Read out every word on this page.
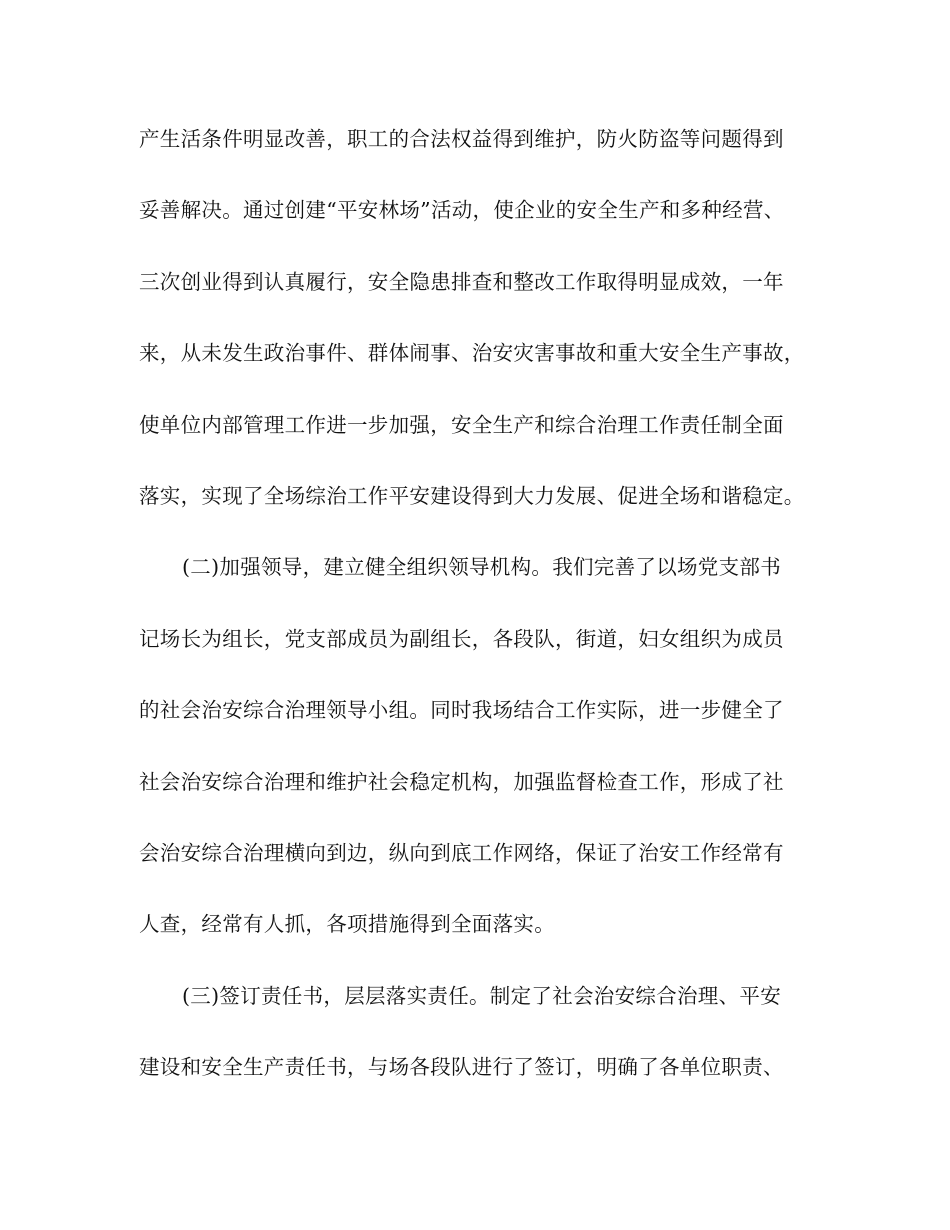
产生活条件明显改善，职工的合法权益得到维护，防火防盗等问题得到
妥善解决。通过创建“平安林场”活动，使企业的安全生产和多种经营、
三次创业得到认真履行，安全隐患排查和整改工作取得明显成效，一年
来，从未发生政治事件、群体闹事、治安灾害事故和重大安全生产事故，
使单位内部管理工作进一步加强，安全生产和综合治理工作责任制全面
落实，实现了全场综治工作平安建设得到大力发展、促进全场和谐稳定。
(二)加强领导，建立健全组织领导机构。我们完善了以场党支部书
记场长为组长，党支部成员为副组长，各段队，街道，妇女组织为成员
的社会治安综合治理领导小组。同时我场结合工作实际，进一步健全了
社会治安综合治理和维护社会稳定机构，加强监督检查工作，形成了社
会治安综合治理横向到边，纵向到底工作网络，保证了治安工作经常有
人查，经常有人抓，各项措施得到全面落实。
(三)签订责任书，层层落实责任。制定了社会治安综合治理、平安
建设和安全生产责任书，与场各段队进行了签订，明确了各单位职责、
